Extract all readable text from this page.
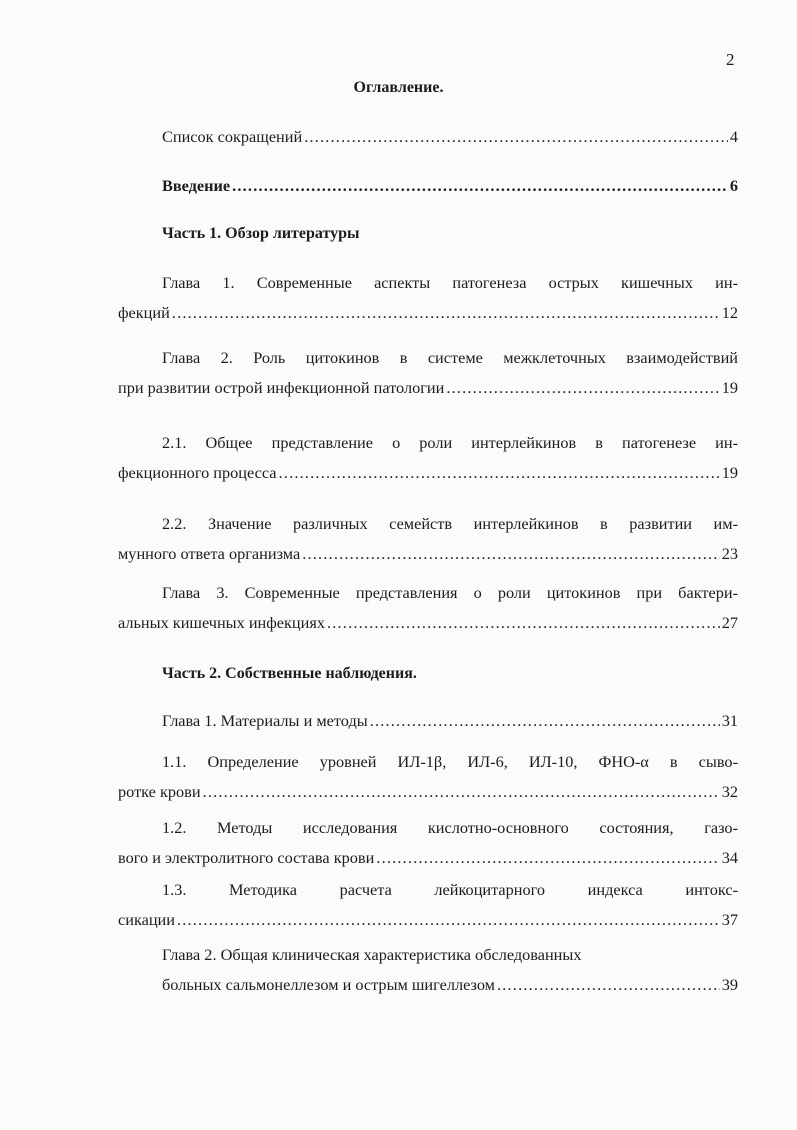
2
Оглавление.
Список сокращений .....	4
Введение .....	6
Часть 1. Обзор литературы
Глава 1. Современные аспекты патогенеза острых кишечных ин-
фекций .....	12
Глава 2. Роль цитокинов в системе межклеточных взаимодействий
при развитии острой инфекционной патологии .....	19
2.1. Общее представление о роли интерлейкинов в патогенезе ин-
фекционного процесса .....	19
2.2. Значение различных семейств интерлейкинов в развитии им-
мунного ответа организма .....	23
Глава 3. Современные представления о роли цитокинов при бактери-
альных кишечных инфекциях .....	27
Часть 2. Собственные наблюдения.
Глава 1. Материалы и методы .....	31
1.1. Определение уровней ИЛ-1β, ИЛ-6, ИЛ-10, ФНО-α в сыво-
ротке крови .....	32
1.2. Методы исследования кислотно-основного состояния, газо-
вого и электролитного состава крови .....	34
1.3. Методика расчета лейкоцитарного индекса интокс-
сикации .....	37
Глава 2. Общая клиническая характеристика обследованных
больных сальмонеллезом и острым шигеллезом .....	39
